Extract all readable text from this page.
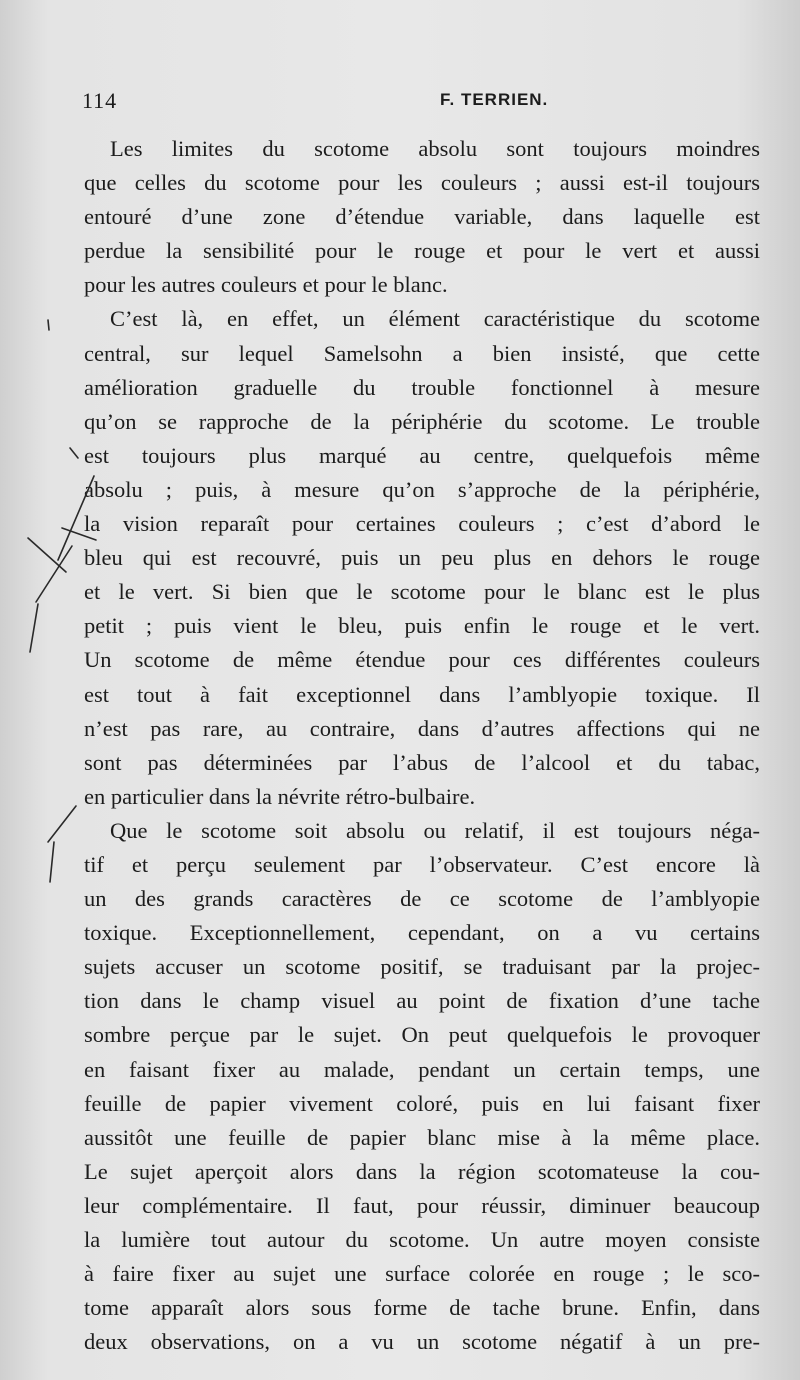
114	F. TERRIEN.
Les limites du scotome absolu sont toujours moindres
que celles du scotome pour les couleurs ; aussi est-il toujours
entouré d’une zone d’étendue variable, dans laquelle est
perdue la sensibilité pour le rouge et pour le vert et aussi
pour les autres couleurs et pour le blanc.
C’est là, en effet, un élément caractéristique du scotome
central, sur lequel Samelsohn a bien insisté, que cette
amélioration graduelle du trouble fonctionnel à mesure
qu’on se rapproche de la périphérie du scotome. Le trouble
est toujours plus marqué au centre, quelquefois même
absolu ; puis, à mesure qu’on s’approche de la périphérie,
la vision reparaît pour certaines couleurs ; c’est d’abord le
bleu qui est recouvré, puis un peu plus en dehors le rouge
et le vert. Si bien que le scotome pour le blanc est le plus
petit ; puis vient le bleu, puis enfin le rouge et le vert.
Un scotome de même étendue pour ces différentes couleurs
est tout à fait exceptionnel dans l’amblyopie toxique. Il
n’est pas rare, au contraire, dans d’autres affections qui ne
sont pas déterminées par l’abus de l’alcool et du tabac,
en particulier dans la névrite rétro-bulbaire.
Que le scotome soit absolu ou relatif, il est toujours néga-
tif et perçu seulement par l’observateur. C’est encore là
un des grands caractères de ce scotome de l’amblyopie
toxique. Exceptionnellement, cependant, on a vu certains
sujets accuser un scotome positif, se traduisant par la projec-
tion dans le champ visuel au point de fixation d’une tache
sombre perçue par le sujet. On peut quelquefois le provoquer
en faisant fixer au malade, pendant un certain temps, une
feuille de papier vivement coloré, puis en lui faisant fixer
aussitôt une feuille de papier blanc mise à la même place.
Le sujet aperçoit alors dans la région scotomateuse la cou-
leur complémentaire. Il faut, pour réussir, diminuer beaucoup
la lumière tout autour du scotome. Un autre moyen consiste
à faire fixer au sujet une surface colorée en rouge ; le sco-
tome apparaît alors sous forme de tache brune. Enfin, dans
deux observations, on a vu un scotome négatif à un pre-
